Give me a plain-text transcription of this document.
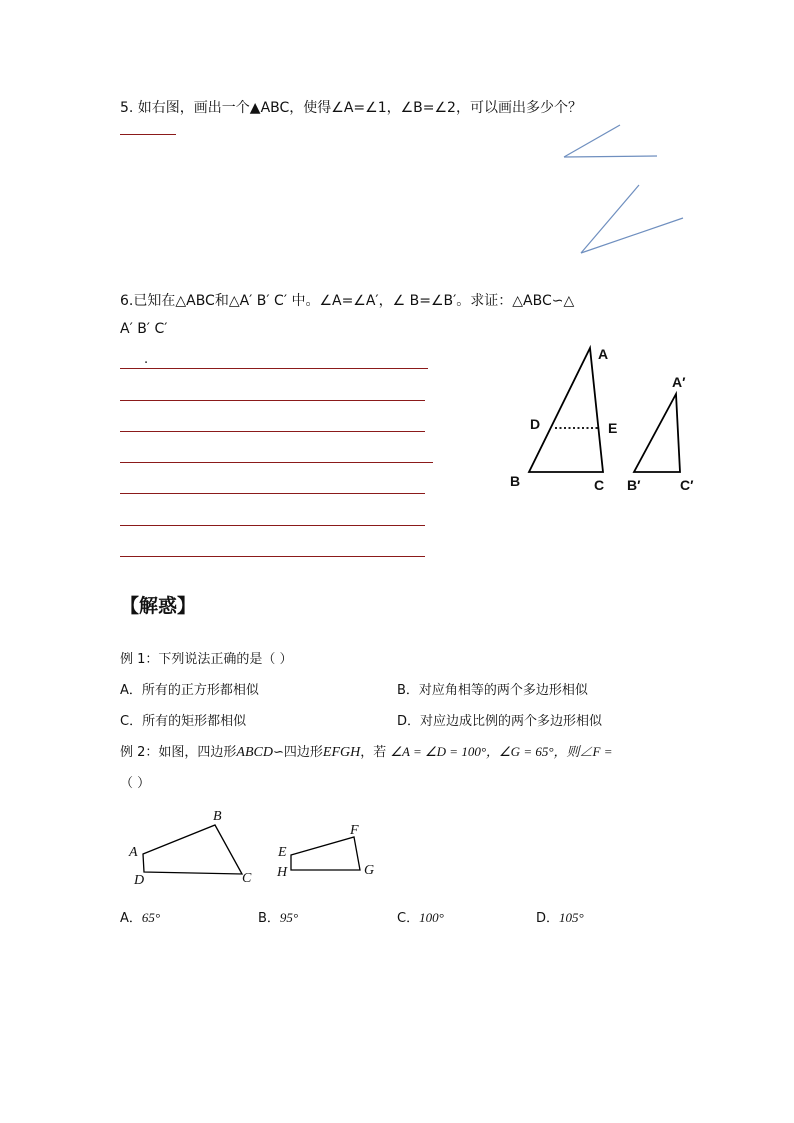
5. 如右图，画出一个▲ABC，使得∠A=∠1，∠B=∠2，可以画出多少个？
6.已知在△ABC和△A′ B′ C′ 中。∠A=∠A′，∠ B=∠B′。求证：△ABC∽△
A′ B′ C′
.	A
D	E
B	C
A′
B′	C′
【解惑】
例 1：下列说法正确的是（ ）
A．所有的正方形都相似	B．对应角相等的两个多边形相似
C．所有的矩形都相似	D．对应边成比例的两个多边形相似
例 2：如图，四边形ABCD∽四边形EFGH，若 ∠A = ∠D = 100°，∠G = 65°，则∠F =
（ ）
A
B
C
D
E
F
G
H
A．65°	B．95°	C．100°	D．105°
